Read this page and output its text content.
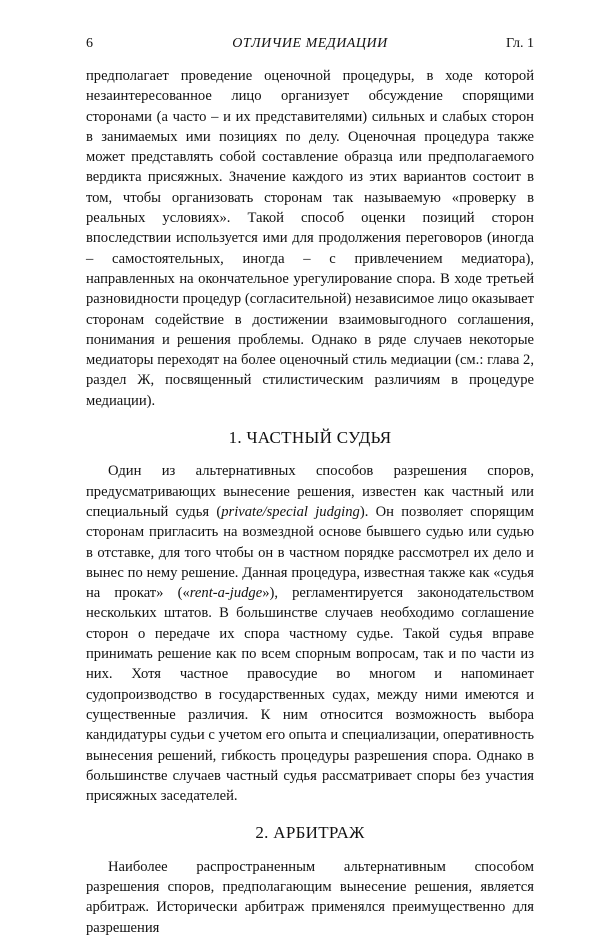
6	ОТЛИЧИЕ МЕДИАЦИИ	Гл. 1

предполагает проведение оценочной процедуры, в ходе которой незаинтересованное лицо организует обсуждение спорящими сторонами (а часто – и их представителями) сильных и слабых сторон в занимаемых ими позициях по делу. Оценочная процедура также может представлять собой составление образца или предполагаемого вердикта присяжных. Значение каждого из этих вариантов состоит в том, чтобы организовать сторонам так называемую «проверку в реальных условиях». Такой способ оценки позиций сторон впоследствии используется ими для продолжения переговоров (иногда – самостоятельных, иногда – с привлечением медиатора), направленных на окончательное урегулирование спора. В ходе третьей разновидности процедур (согласительной) независимое лицо оказывает сторонам содействие в достижении взаимовыгодного соглашения, понимания и решения проблемы. Однако в ряде случаев некоторые медиаторы переходят на более оценочный стиль медиации (см.: глава 2, раздел Ж, посвященный стилистическим различиям в процедуре медиации).

1. ЧАСТНЫЙ СУДЬЯ

Один из альтернативных способов разрешения споров, предусматривающих вынесение решения, известен как частный или специальный судья (private/special judging). Он позволяет спорящим сторонам пригласить на возмездной основе бывшего судью или судью в отставке, для того чтобы он в частном порядке рассмотрел их дело и вынес по нему решение. Данная процедура, известная также как «судья на прокат» («rent-a-judge»), регламентируется законодательством нескольких штатов. В большинстве случаев необходимо соглашение сторон о передаче их спора частному судье. Такой судья вправе принимать решение как по всем спорным вопросам, так и по части из них. Хотя частное правосудие во многом и напоминает судопроизводство в государственных судах, между ними имеются и существенные различия. К ним относится возможность выбора кандидатуры судьи с учетом его опыта и специализации, оперативность вынесения решений, гибкость процедуры разрешения спора. Однако в большинстве случаев частный судья рассматривает споры без участия присяжных заседателей.

2. АРБИТРАЖ

Наиболее распространенным альтернативным способом разрешения споров, предполагающим вынесение решения, является арбитраж. Исторически арбитраж применялся преимущественно для разрешения
